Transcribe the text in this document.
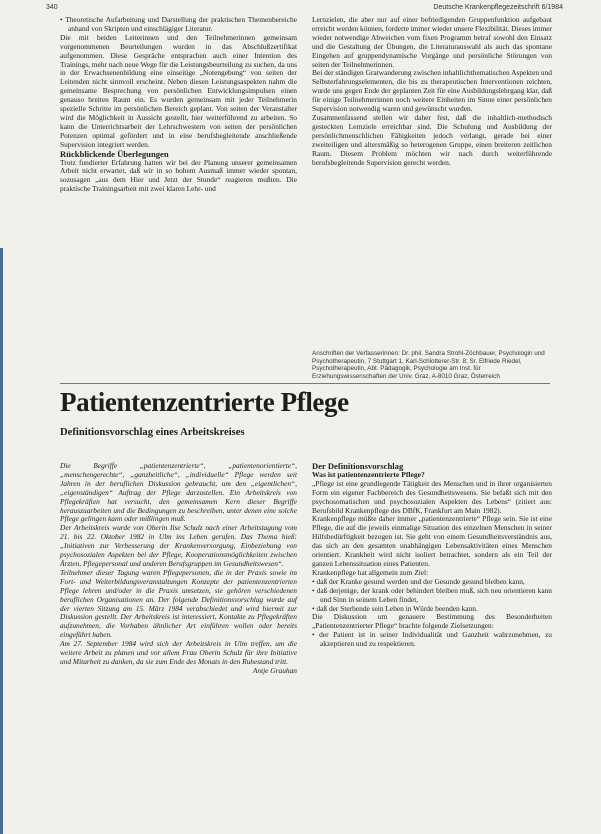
340	Deutsche Krankenpflegezeitschrift 6/1984

• Theoretische Aufarbeitung und Darstellung der praktischen Themenbereiche anhand von Skripten und einschlägiger Literatur.

Die mit beiden Leiterinnen und den Teilnehmerinnen gemeinsam vorgenommenen Beurteilungen wurden in das Abschlußzertifikat aufgenommen. Diese Gespräche entsprachen auch einer Intention des Trainings, mehr nach neue Wege für die Leistungsbeurteilung zu suchen, da uns in der Erwachsenenbildung eine einseitige „Notengebung“ von seiten der Leitenden nicht sinnvoll erscheint. Neben diesen Leistungsaspekten nahm die gemeinsame Besprechung von persönlichen Entwicklungsimpulsen einen genauso breiten Raum ein. Es wurden gemeinsam mit jeder Teilnehmerin spezielle Schritte im persönlichen Bereich geplant. Von seiten der Veranstalter wird die Möglichkeit in Aussicht gestellt, hier weiterführend zu arbeiten. So kann die Unterrichtsarbeit der Lehrschwestern von seiten der persönlichen Potenzen optimal gefördert und in eine berufsbegleitende anschließende Supervision integriert werden.

Rückblickende Überlegungen

Trotz fundierter Erfahrung hatten wir bei der Planung unserer gemeinsamen Arbeit nicht erwartet, daß wir in so hohem Ausmaß immer wieder spontan, sozusagen „aus dem Hier und Jetzt der Stunde“ reagieren mußten. Die praktische Trainingsarbeit mit zwei klaren Lehr- und

Lernzielen, die aber nur auf einer befriedigenden Gruppenfunktion aufgebaut erreicht werden können, forderte immer wieder unsere Flexibilität. Dieses immer wieder notwendige Abweichen vom fixen Programm betraf sowohl den Einsatz und die Gestaltung der Übungen, die Literaturauswahl als auch das spontane Eingehen auf gruppendynamische Vorgänge und persönliche Störungen von seiten der Teilnehmerinnen.

Bei der ständigen Gratwanderung zwischen inhaltlichthematischen Aspekten und Selbsterfahrungselementen, die bis zu therapeutischen Interventionen reichten, wurde uns gegen Ende der geplanten Zeit für eine Ausbildungslehrgang klar, daß für einige Teilnehmerinnen noch weitere Einheiten im Sinne einer persönlichen Supervision notwendig waren und gewünscht wurden.

Zusammenfassend stellen wir daher fest, daß die inhaltlich-methodisch gesteckten Lernziele erreichbar sind. Die Schulung und Ausbildung der persönlichmenschlichen Fähigkeiten jedoch verlangt, gerade bei einer zweiteiligen und altersmäßig so heterogenen Gruppe, einen breiteren zeitlichen Raum. Diesem Problem möchten wir nach durch weiterführende berufsbegleitende Supervision gerecht werden.

Anschriften der Verfasserinnen: Dr. phil. Sandra Strohl-Zöchbauer, Psychologin und Psychotherapeutin, 7 Stuttgart 1, Karl-Schlotterer-Str. 8; Sr. Elfriede Riedel, Psychotherapeutin, Abt. Pädagogik, Psychologie am Inst. für Erziehungswissenschaften der Univ. Graz, A-8010 Graz, Österreich
Patientenzentrierte Pflege
Definitionsvorschlag eines Arbeitskreises

Die Begriffe „patientenzentrierte“, „patientenorientierte“, „menschengerechte“, „ganzheitliche“, „individuelle“ Pflege werden seit Jahren in der beruflichen Diskussion gebraucht, um den „eigentlichen“, „eigenständigen“ Auftrag der Pflege darzustellen. Ein Arbeitskreis von Pflegekräften hat versucht, den gemeinsamen Kern dieser Begriffe herauszuarbeiten und die Bedingungen zu beschreiben, unter denen eine solche Pflege gelingen kann oder mißlingen muß.

Der Arbeitskreis wurde von Oberin Ilse Schulz nach einer Arbeitstagung vom 21. bis 22. Oktober 1982 in Ulm ins Leben gerufen. Das Thema hieß: „Initiativen zur Verbesserung der Krankenversorgung, Einbeziehung von psychosozialen Aspekten bei der Pflege, Kooperationsmöglichkeiten zwischen Ärzten, Pflegepersonal und anderen Berufsgruppen im Gesundheitswesen“.

Teilnehmer dieser Tagung waren Pflegepersonen, die in der Praxis sowie im Fort- und Weiterbildungsveranstaltungen Konzepte der patientenzentrierten Pflege lehren und/oder in die Praxis umsetzen, sie gehören verschiedenen beruflichen Organisationen an. Der folgende Definitionsvorschlag wurde auf der vierten Sitzung am 15. März 1984 verabschiedet und wird hiermit zur Diskussion gestellt. Der Arbeitskreis ist interessiert, Kontakte zu Pflegekräften aufzunehmen, die Vorhaben ähnlicher Art einführen wollen oder bereits eingeführt haben.

Am 27. September 1984 wird sich der Arbeitskreis in Ulm treffen, um die weitere Arbeit zu planen und vor allem Frau Oberin Schulz für ihre Initiative und Mitarbeit zu danken, da sie zum Ende des Monats in den Ruhestand tritt.

Antje Grauhan

Der Definitionsvorschlag

Was ist patientenzentrierte Pflege?

„Pflege ist eine grundlegende Tätigkeit des Menschen und in ihrer organisierten Form ein eigener Fachbereich des Gesundheitswesens. Sie befaßt sich mit den psychosomatischen und psychosozialen Aspekten des Lebens“ (zitiert aus: Berufsbild Krankenpflege des DBfK, Frankfurt am Main 1982).

Krankenpflege müßte daher immer „patientenzentrierte“ Pflege sein. Sie ist eine Pflege, die auf die jeweils einmalige Situation des einzelnen Menschen in seiner Hilfsbedürftigkeit bezogen ist. Sie geht von einem Gesundheitsverständnis aus, das sich an den gesamten unabhängigen Lebensaktivitäten eines Menschen orientiert. Krankheit wird nicht isoliert betrachtet, sondern als ein Teil der ganzen Lebenssituation eines Patienten.

Krankenpflege hat allgemein zum Ziel:

• daß der Kranke gesund werden und der Gesunde gesund bleiben kann,

• daß derjenige, der krank oder behindert bleiben muß, sich neu orientieren kann und Sinn in seinem Leben findet,

• daß der Sterbende sein Leben in Würde beenden kann.

Die Diskussion um genauere Bestimmung des Besonderheiten „Patientenzentrierter Pflege“ brachte folgende Zielsetzungen:

• der Patient ist in seiner Individualität und Ganzheit wahrzunehmen, zu akzeptieren und zu respektieren.
